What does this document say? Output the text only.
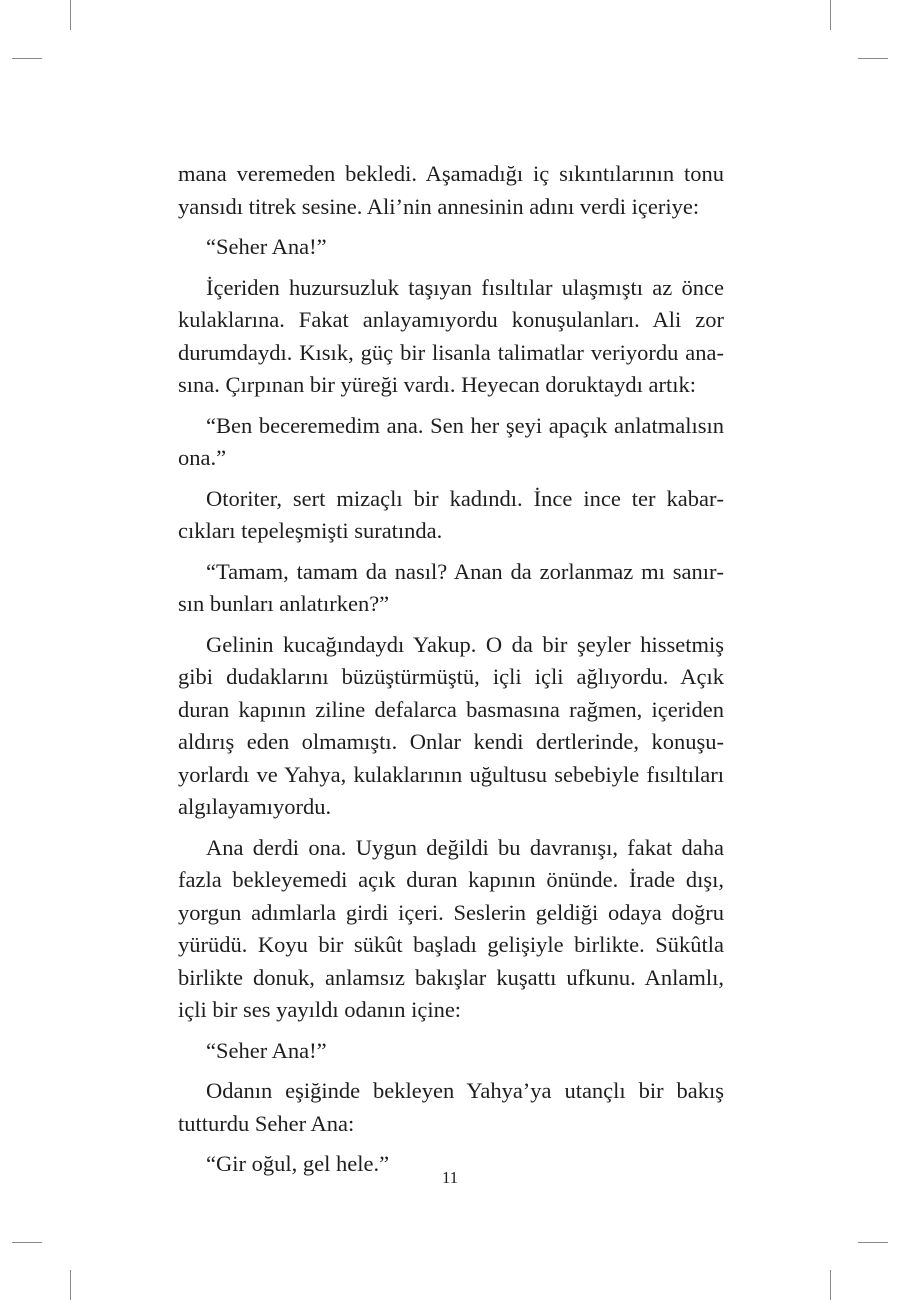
mana veremeden bekledi. Aşamadığı iç sıkıntılarının tonu yansıdı titrek sesine. Ali’nin annesinin adını verdi içeriye:

“Seher Ana!”

İçeriden huzursuzluk taşıyan fısıltılar ulaşmıştı az önce kulaklarına. Fakat anlayamıyordu konuşulanları. Ali zor durumdaydı. Kısık, güç bir lisanla talimatlar veriyordu anasına. Çırpınan bir yüreği vardı. Heyecan doruktaydı artık:

“Ben beceremedim ana. Sen her şeyi apaçık anlatmalısın ona.”

Otoriter, sert mizaçlı bir kadındı. İnce ince ter kabarcıkları tepeleşmişti suratında.

“Tamam, tamam da nasıl? Anan da zorlanmaz mı sanırsın bunları anlatırken?”

Gelinin kucağındaydı Yakup. O da bir şeyler hissetmiş gibi dudaklarını büzüştürmüştü, içli içli ağlıyordu. Açık duran kapının ziline defalarca basmasına rağmen, içeriden aldırış eden olmamıştı. Onlar kendi dertlerinde, konuşuyorlardı ve Yahya, kulaklarının uğultusu sebebiyle fısıltıları algılayamıyordu.

Ana derdi ona. Uygun değildi bu davranışı, fakat daha fazla bekleyemedi açık duran kapının önünde. İrade dışı, yorgun adımlarla girdi içeri. Seslerin geldiği odaya doğru yürüdü. Koyu bir sükût başladı gelişiyle birlikte. Sükûtla birlikte donuk, anlamsız bakışlar kuşattı ufkunu. Anlamlı, içli bir ses yayıldı odanın içine:

“Seher Ana!”

Odanın eşiğinde bekleyen Yahya’ya utançlı bir bakış tutturdu Seher Ana:

“Gir oğul, gel hele.”

11
